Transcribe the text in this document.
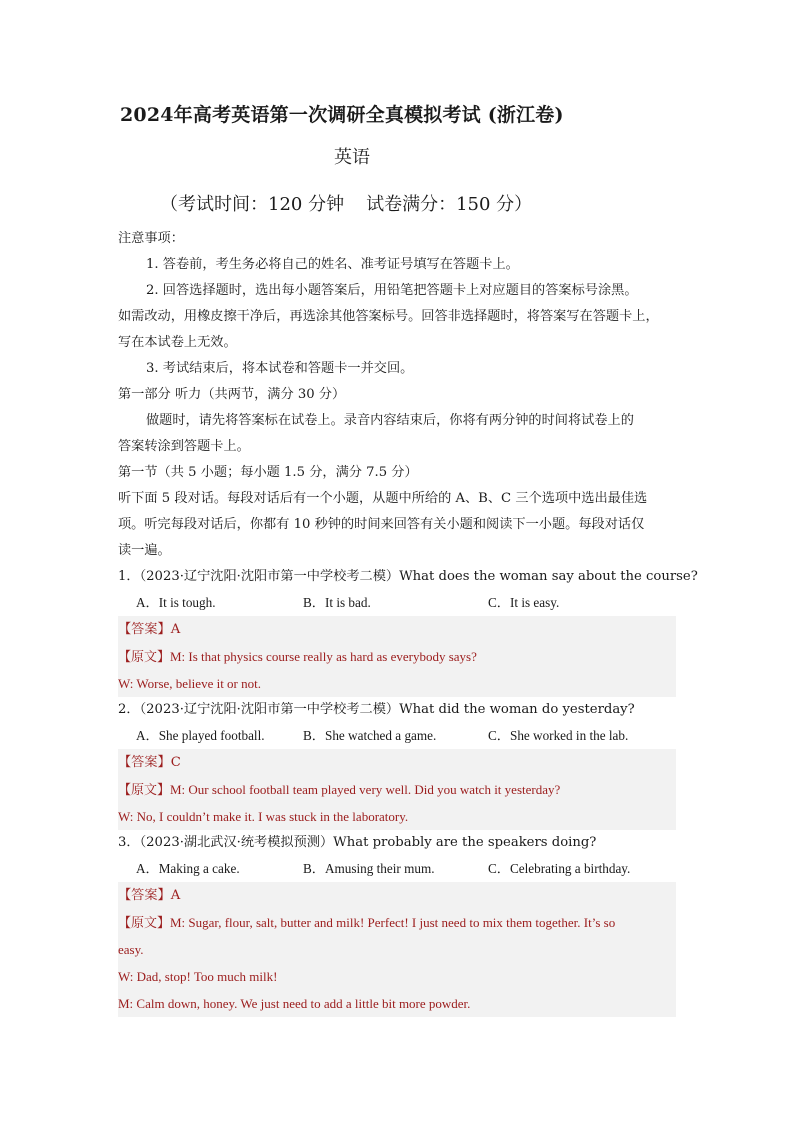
2024年高考英语第一次调研全真模拟考试 (浙江卷)
英语
（考试时间：120 分钟 试卷满分：150 分）
注意事项：
1. 答卷前，考生务必将自己的姓名、准考证号填写在答题卡上。
2. 回答选择题时，选出每小题答案后，用铅笔把答题卡上对应题目的答案标号涂黑。
如需改动，用橡皮擦干净后，再选涂其他答案标号。回答非选择题时，将答案写在答题卡上，
写在本试卷上无效。
3. 考试结束后，将本试卷和答题卡一并交回。
第一部分 听力（共两节，满分 30 分）
做题时，请先将答案标在试卷上。录音内容结束后，你将有两分钟的时间将试卷上的
答案转涂到答题卡上。
第一节（共 5 小题；每小题 1.5 分，满分 7.5 分）
听下面 5 段对话。每段对话后有一个小题，从题中所给的 A、B、C 三个选项中选出最佳选
项。听完每段对话后，你都有 10 秒钟的时间来回答有关小题和阅读下一小题。每段对话仅
读一遍。
1．（2023·辽宁沈阳·沈阳市第一中学校考二模）What does the woman say about the course?
A．It is tough.	B．It is bad.	C．It is easy.
【答案】A
【原文】M: Is that physics course really as hard as everybody says?
W: Worse, believe it or not.
2．（2023·辽宁沈阳·沈阳市第一中学校考二模）What did the woman do yesterday?
A．She played football.	B．She watched a game.	C．She worked in the lab.
【答案】C
【原文】M: Our school football team played very well. Did you watch it yesterday?
W: No, I couldn’t make it. I was stuck in the laboratory.
3．（2023·湖北武汉·统考模拟预测）What probably are the speakers doing?
A．Making a cake.	B．Amusing their mum.	C．Celebrating a birthday.
【答案】A
【原文】M: Sugar, flour, salt, butter and milk! Perfect! I just need to mix them together. It’s so
easy.
W: Dad, stop! Too much milk!
M: Calm down, honey. We just need to add a little bit more powder.
